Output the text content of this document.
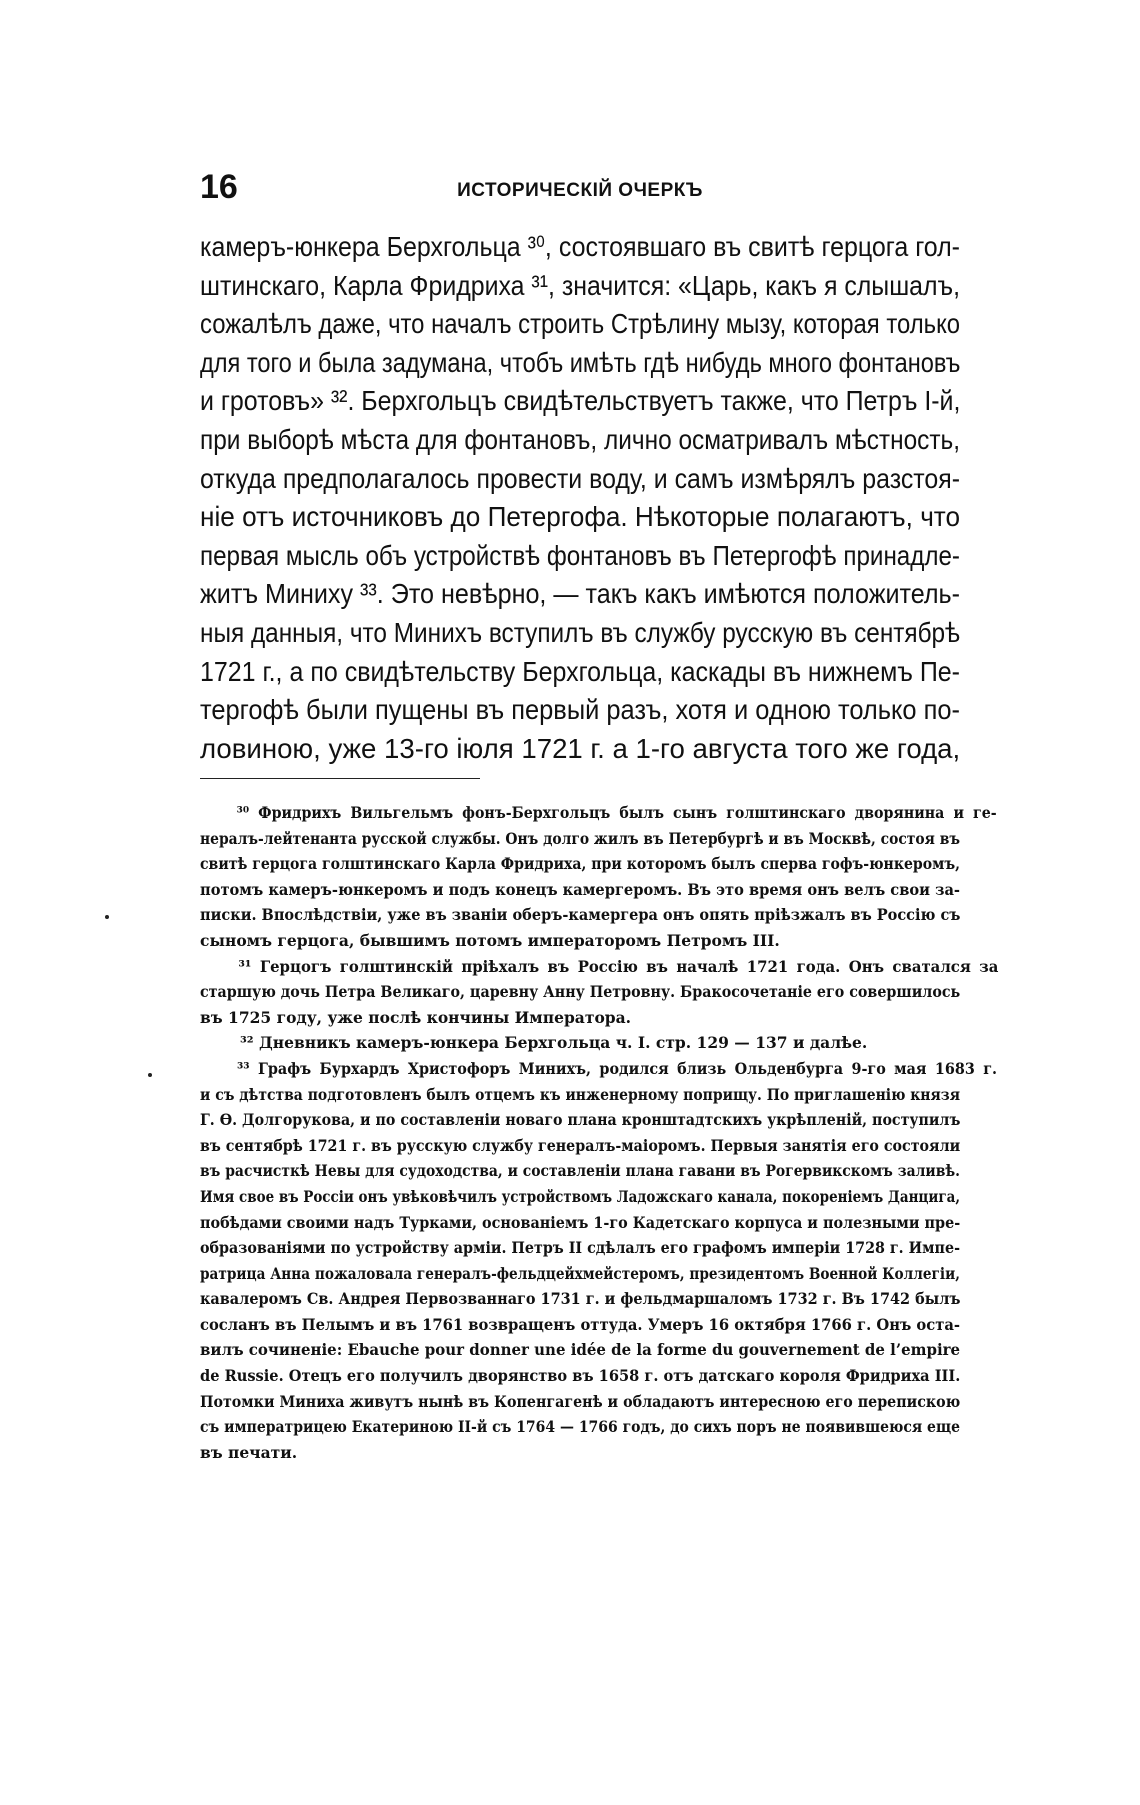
16	ИСТОРИЧЕСКІЙ ОЧЕРКЪ
камеръ-юнкера Берхгольца ³⁰, состоявшаго въ свитѣ герцога гол-
штинскаго, Карла Фридриха ³¹, значится: «Царь, какъ я слышалъ,
сожалѣлъ даже, что началъ строить Стрѣлину мызу, которая только
для того и была задумана, чтобъ имѣть гдѣ нибудь много фонтановъ
и гротовъ» ³². Берхгольцъ свидѣтельствуетъ также, что Петръ I-й,
при выборѣ мѣста для фонтановъ, лично осматривалъ мѣстность,
откуда предполагалось провести воду, и самъ измѣрялъ разстоя-
ніе отъ источниковъ до Петергофа. Нѣкоторые полагаютъ, что
первая мысль объ устройствѣ фонтановъ въ Петергофѣ принадле-
житъ Миниху ³³. Это невѣрно, — такъ какъ имѣются положитель-
ныя данныя, что Минихъ вступилъ въ службу русскую въ сентябрѣ
1721 г., а по свидѣтельству Берхгольца, каскады въ нижнемъ Пе-
тергофѣ были пущены въ первый разъ, хотя и одною только по-
ловиною, уже 13-го іюля 1721 г. а 1-го августа того же года,
³⁰ Фридрихъ Вильгельмъ фонъ-Берхгольцъ былъ сынъ голштинскаго дворянина и ге-
нералъ-лейтенанта русской службы. Онъ долго жилъ въ Петербургѣ и въ Москвѣ, состоя въ
свитѣ герцога голштинскаго Карла Фридриха, при которомъ былъ сперва гофъ-юнкеромъ,
потомъ камеръ-юнкеромъ и подъ конецъ камергеромъ. Въ это время онъ велъ свои за-
писки. Впослѣдствіи, уже въ званіи оберъ-камергера онъ опять пріѣзжалъ въ Россію съ
сыномъ герцога, бывшимъ потомъ императоромъ Петромъ III.
³¹ Герцогъ голштинскій пріѣхалъ въ Россію въ началѣ 1721 года. Онъ сватался за
старшую дочь Петра Великаго, царевну Анну Петровну. Бракосочетаніе его совершилось
въ 1725 году, уже послѣ кончины Императора.
³² Дневникъ камеръ-юнкера Берхгольца ч. I. стр. 129 — 137 и далѣе.
³³ Графъ Бурхардъ Христофоръ Минихъ, родился близь Ольденбурга 9-го мая 1683 г.
и съ дѣтства подготовленъ былъ отцемъ къ инженерному поприщу. По приглашенію князя
Г. Ѳ. Долгорукова, и по составленіи новаго плана кронштадтскихъ укрѣпленій, поступилъ
въ сентябрѣ 1721 г. въ русскую службу генералъ-маіоромъ. Первыя занятія его состояли
въ расчисткѣ Невы для судоходства, и составленіи плана гавани въ Рогервикскомъ заливѣ.
Имя свое въ Россіи онъ увѣковѣчилъ устройствомъ Ладожскаго канала, покореніемъ Данцига,
побѣдами своими надъ Турками, основаніемъ 1-го Кадетскаго корпуса и полезными пре-
образованіями по устройству арміи. Петръ II сдѣлалъ его графомъ имперіи 1728 г. Импе-
ратрица Анна пожаловала генералъ-фельдцейхмейстеромъ, президентомъ Военной Коллегіи,
кавалеромъ Св. Андрея Первозваннаго 1731 г. и фельдмаршаломъ 1732 г. Въ 1742 былъ
сосланъ въ Пелымъ и въ 1761 возвращенъ оттуда. Умеръ 16 октября 1766 г. Онъ оста-
вилъ сочиненіе: Ebauche pour donner une idée de la forme du gouvernement de l’empire
de Russie. Отецъ его получилъ дворянство въ 1658 г. отъ датскаго короля Фридриха III.
Потомки Миниха живутъ нынѣ въ Копенгагенѣ и обладаютъ интересною его перепискою
съ императрицею Екатериною II-й съ 1764 — 1766 годъ, до сихъ поръ не появившеюся еще
въ печати.
